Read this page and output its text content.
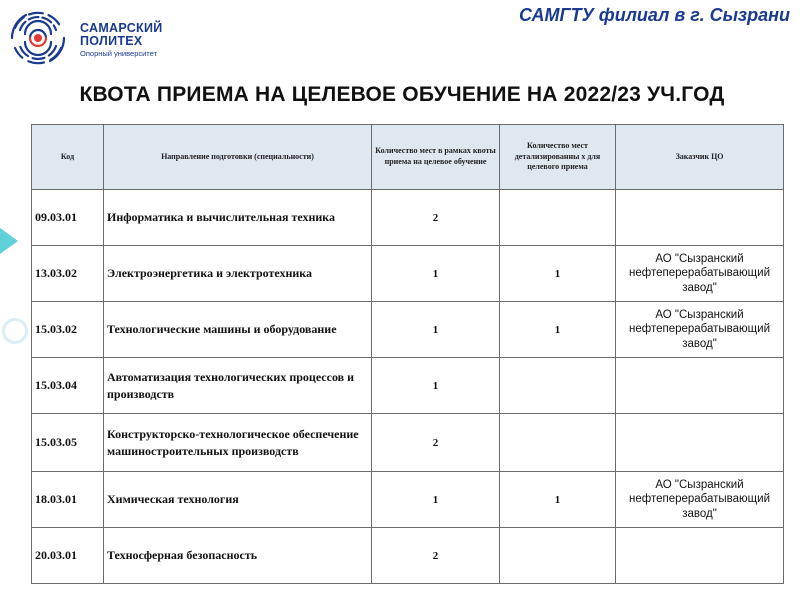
САМАРСКИЙ
ПОЛИТЕХ
Опорный университет
САМГТУ филиал в г. Сызрани
КВОТА ПРИЕМА НА ЦЕЛЕВОЕ ОБУЧЕНИЕ НА 2022/23 УЧ.ГОД
Код	Направление подготовки (специальности)	Количество мест в рамках квоты приема на целевое обучение	Количество мест детализированны х для целевого приема	Заказчик ЦО
09.03.01	Информатика и вычислительная техника	2		
13.03.02	Электроэнергетика и электротехника	1	1	АО "Сызранский нефтеперерабатывающий завод"
15.03.02	Технологические машины и оборудование	1	1	АО "Сызранский нефтеперерабатывающий завод"
15.03.04	Автоматизация технологических процессов и производств	1		
15.03.05	Конструкторско-технологическое обеспечение машиностроительных производств	2		
18.03.01	Химическая технология	1	1	АО "Сызранский нефтеперерабатывающий завод"
20.03.01	Техносферная безопасность	2		
